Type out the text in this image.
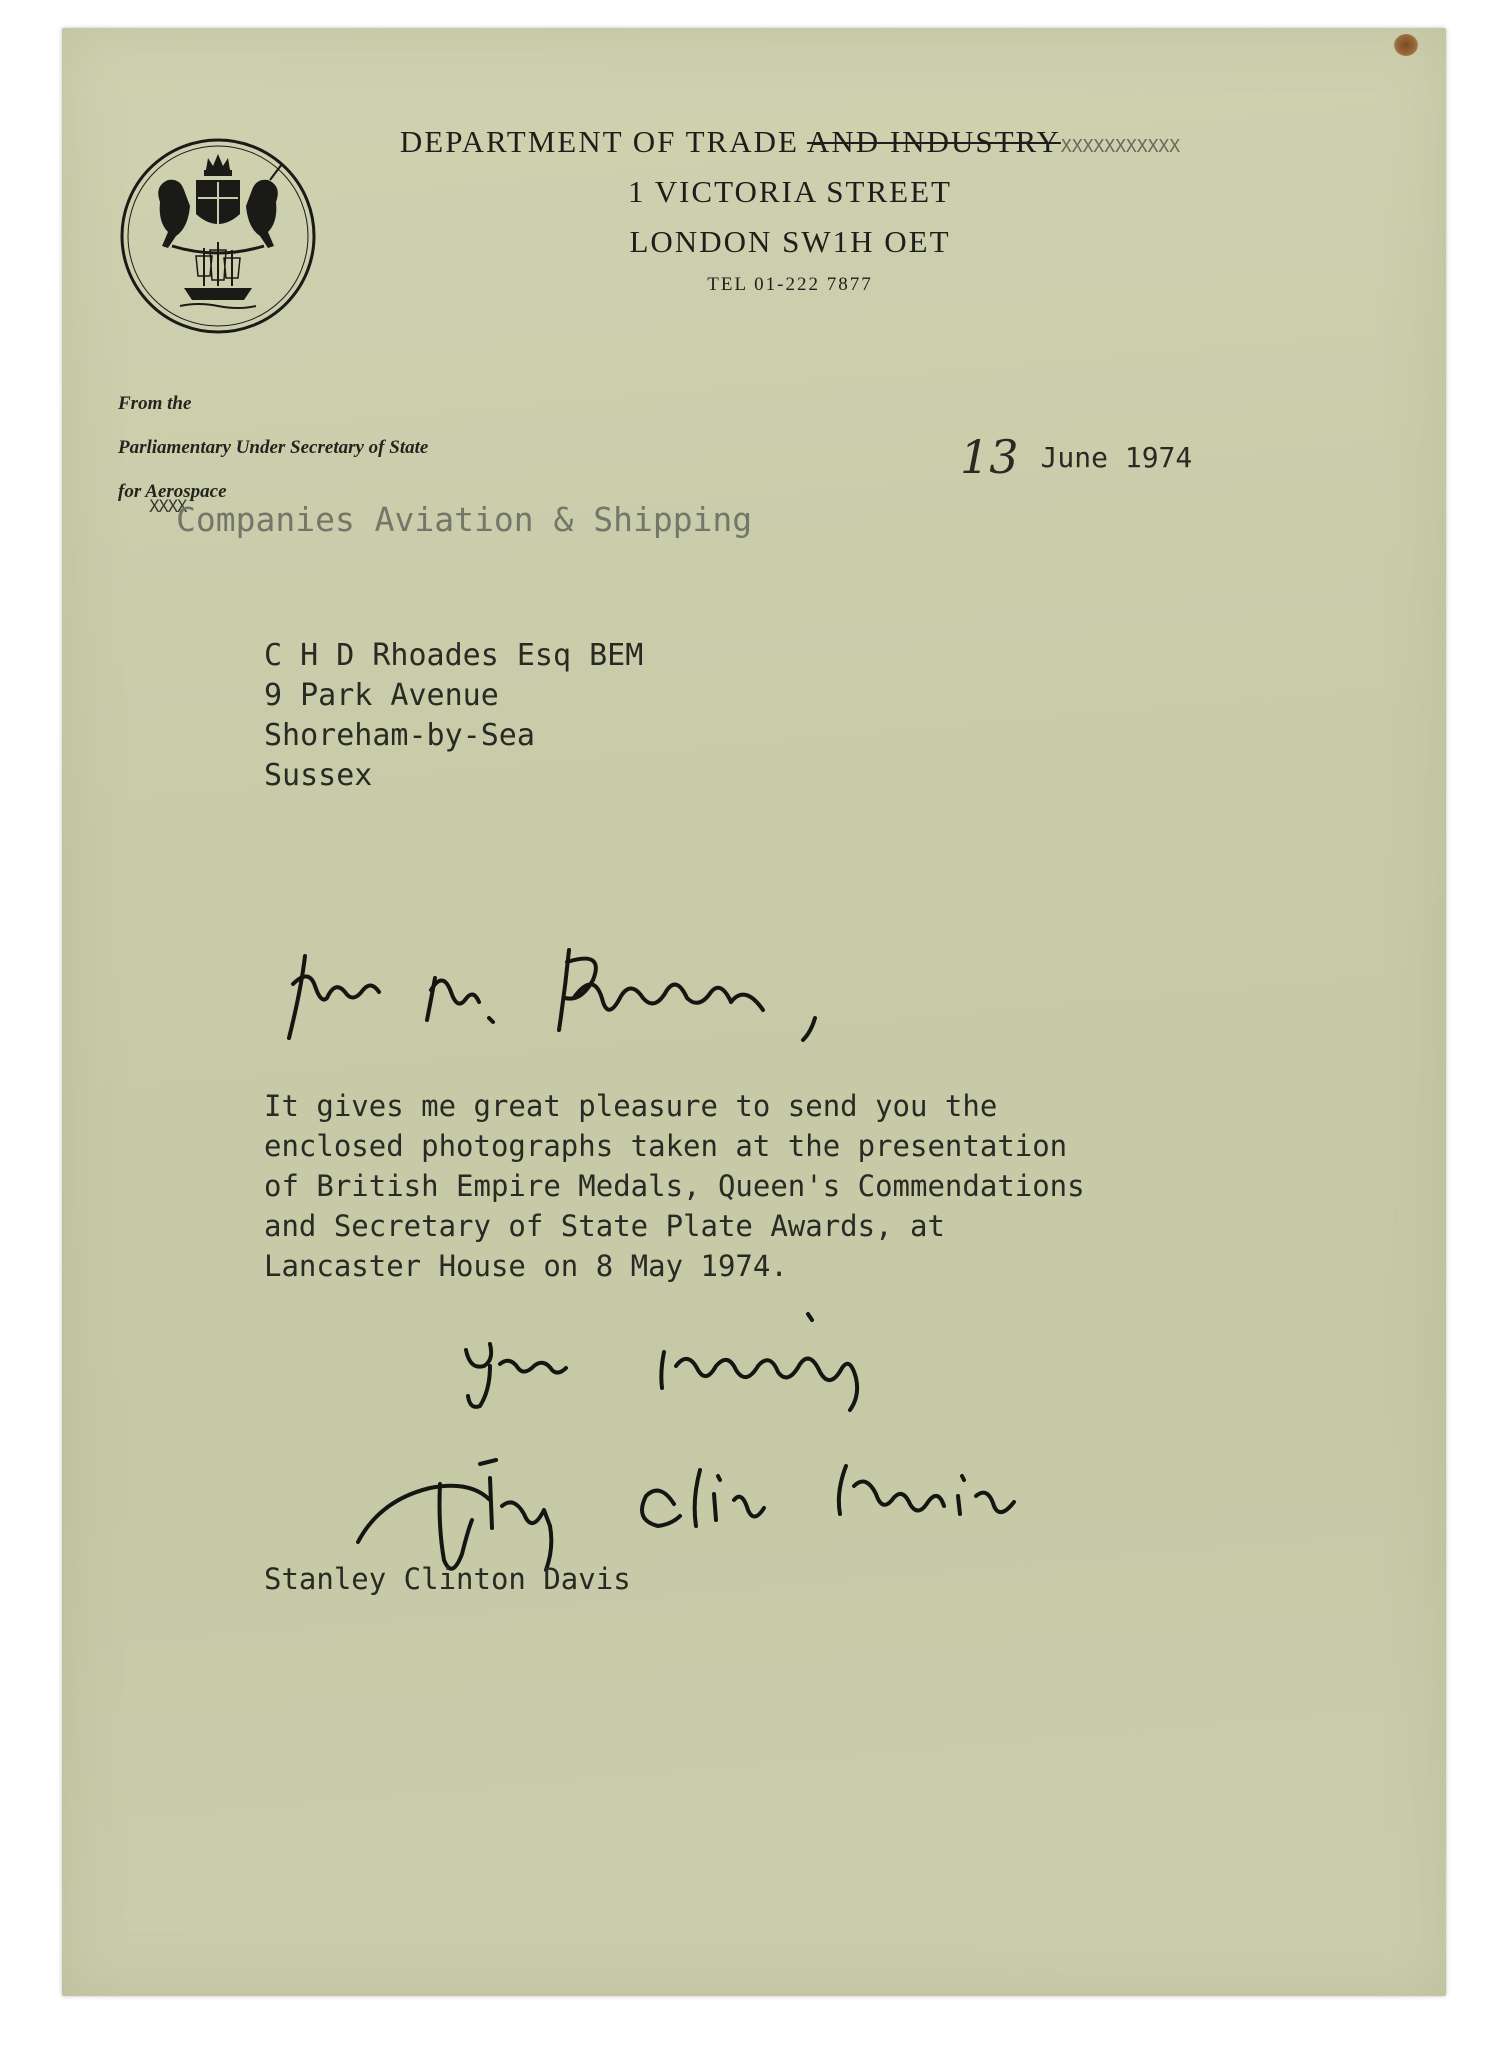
DEPARTMENT OF TRADE AND INDUSTRYXXXXXXXXXXX
1 VICTORIA STREET
LONDON SW1H OET
TEL 01-222 7877
From the
Parliamentary Under Secretary of State
for Aerospace
XXXX
Companies Aviation & Shipping
13 June 1974
C H D Rhoades Esq BEM
9 Park Avenue
Shoreham-by-Sea
Sussex

It gives me great pleasure to send you the

enclosed photographs taken at the presentation

of British Empire Medals, Queen's Commendations

and Secretary of State Plate Awards, at

Lancaster House on 8 May 1974.

Stanley Clinton Davis
